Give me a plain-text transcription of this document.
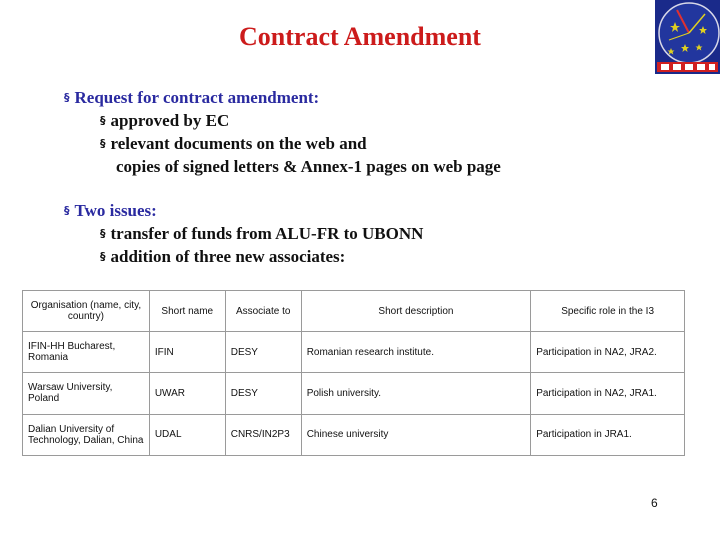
Contract Amendment
§ Request for contract amendment:
§ approved by EC
§ relevant documents on the web and
copies of signed letters & Annex-1 pages on web page
§ Two issues:
§ transfer of funds from ALU-FR to UBONN
§ addition of three new associates:
Organisation (name, city, country)	Short name	Associate to	Short description	Specific role in the I3
IFIN-HH Bucharest, Romania	IFIN	DESY	Romanian research institute.	Participation in NA2, JRA2.
Warsaw University, Poland	UWAR	DESY	Polish university.	Participation in NA2, JRA1.
Dalian University of Technology, Dalian, China	UDAL	CNRS/IN2P3	Chinese university	Participation in JRA1.
6
